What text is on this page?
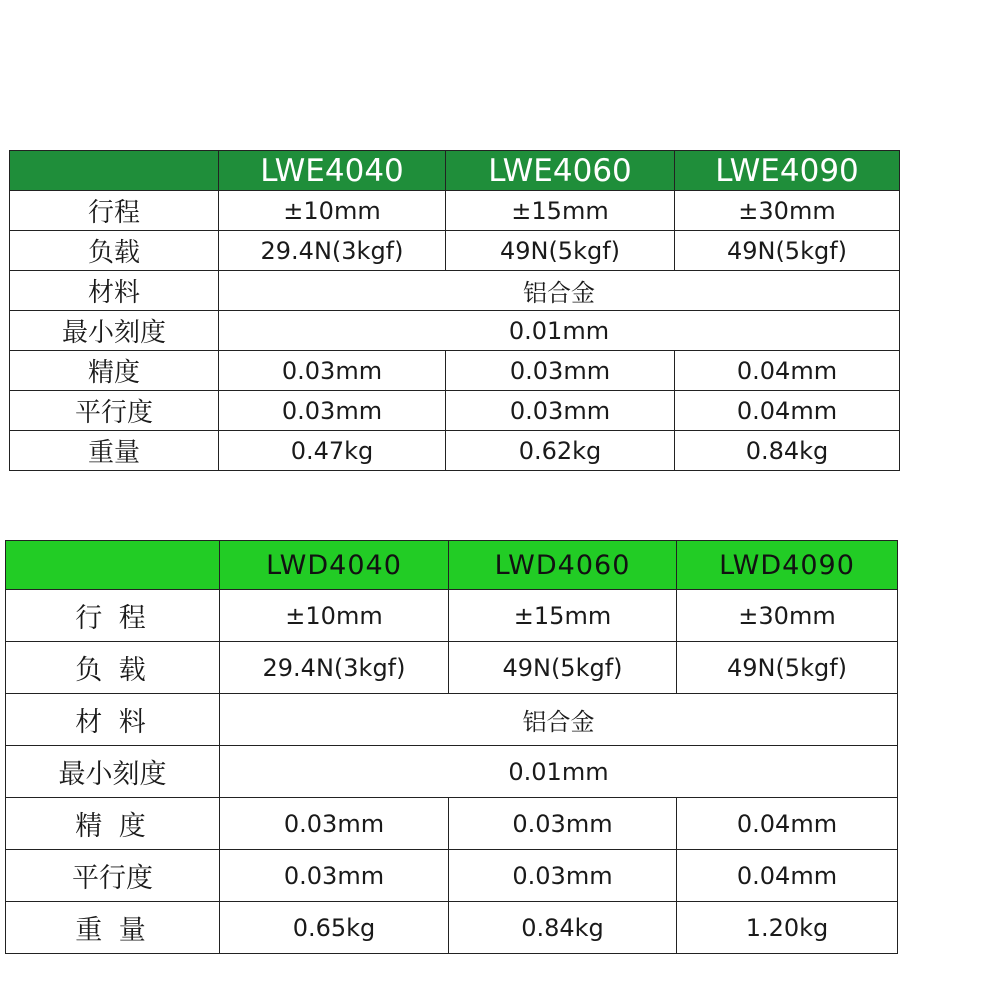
	LWE4040	LWE4060	LWE4090
行程	±10mm	±15mm	±30mm
负载	29.4N(3kgf)	49N(5kgf)	49N(5kgf)
材料	铝合金		
最小刻度	0.01mm		
精度	0.03mm	0.03mm	0.04mm
平行度	0.03mm	0.03mm	0.04mm
重量	0.47kg	0.62kg	0.84kg
	LWD4040	LWD4060	LWD4090
行 程	±10mm	±15mm	±30mm
负 载	29.4N(3kgf)	49N(5kgf)	49N(5kgf)
材 料	铝合金		
最小刻度	0.01mm		
精 度	0.03mm	0.03mm	0.04mm
平行度	0.03mm	0.03mm	0.04mm
重 量	0.65kg	0.84kg	1.20kg
